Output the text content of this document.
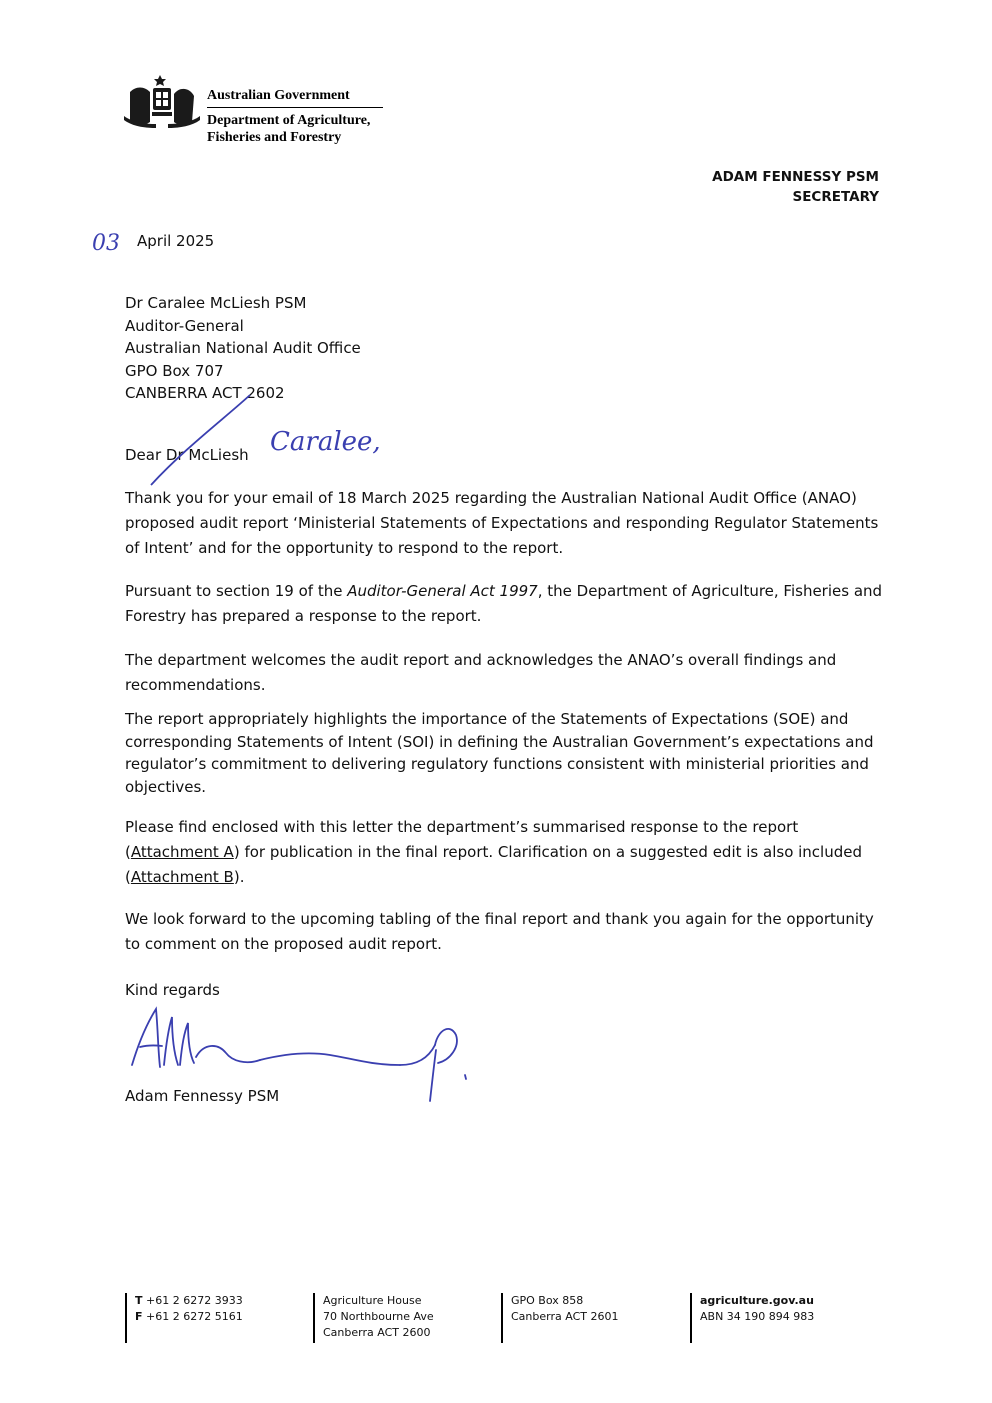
Australian Government
Department of Agriculture,
Fisheries and Forestry
ADAM FENNESSY PSM
SECRETARY
03 April 2025
Dr Caralee McLiesh PSM
Auditor-General
Australian National Audit Office
GPO Box 707
CANBERRA ACT 2602
Dear Dr McLiesh Caralee,
Thank you for your email of 18 March 2025 regarding the Australian National Audit Office (ANAO) proposed audit report ‘Ministerial Statements of Expectations and responding Regulator Statements of Intent’ and for the opportunity to respond to the report.
Pursuant to section 19 of the Auditor-General Act 1997, the Department of Agriculture, Fisheries and Forestry has prepared a response to the report.
The department welcomes the audit report and acknowledges the ANAO’s overall findings and recommendations.
The report appropriately highlights the importance of the Statements of Expectations (SOE) and corresponding Statements of Intent (SOI) in defining the Australian Government’s expectations and regulator’s commitment to delivering regulatory functions consistent with ministerial priorities and objectives.
Please find enclosed with this letter the department’s summarised response to the report (Attachment A) for publication in the final report. Clarification on a suggested edit is also included (Attachment B).
We look forward to the upcoming tabling of the final report and thank you again for the opportunity to comment on the proposed audit report.
Kind regards
Adam Fennessy PSM
T +61 2 6272 3933
F +61 2 6272 5161
Agriculture House
70 Northbourne Ave
Canberra ACT 2600
GPO Box 858
Canberra ACT 2601
agriculture.gov.au
ABN 34 190 894 983
